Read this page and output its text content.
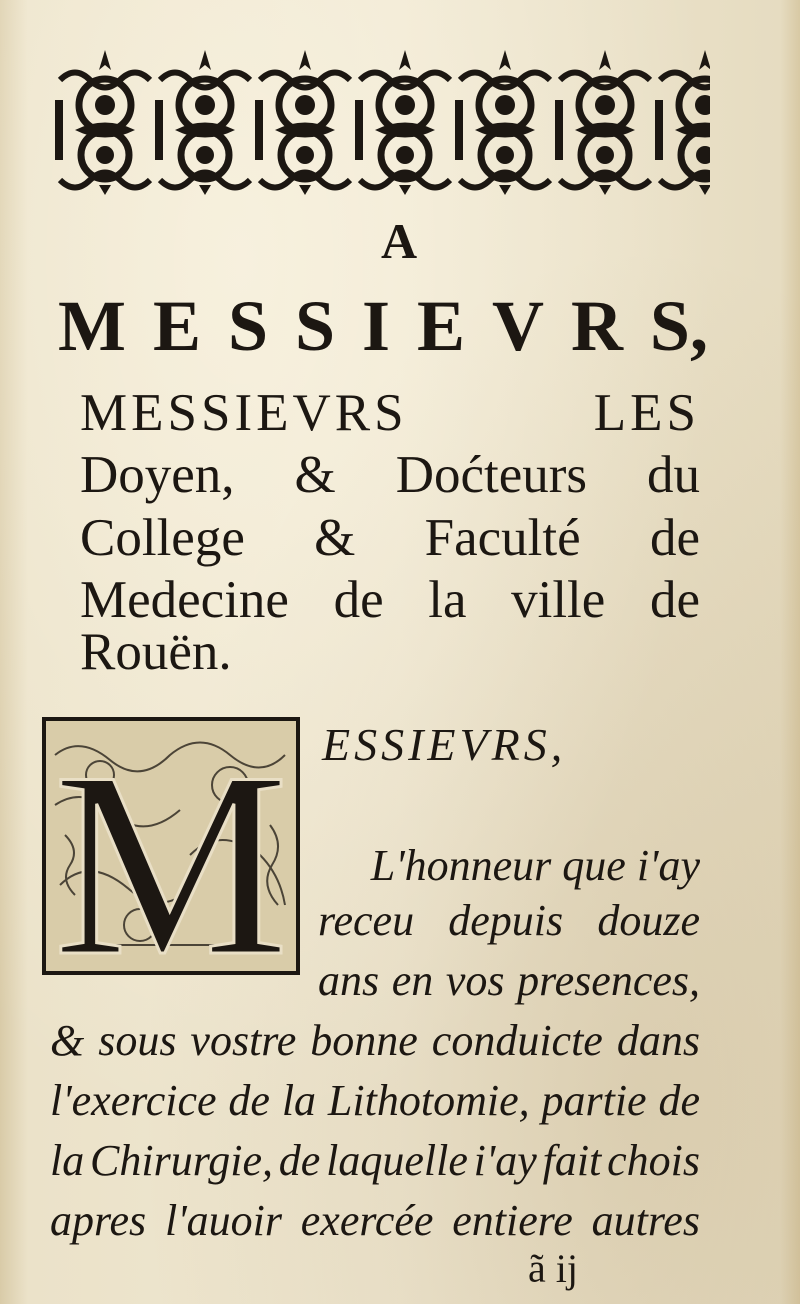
A
M E S S I E V R S,
MESSIEVRS	LES
Doyen, & Doćteurs du
College & Faculté de
Medecine de la ville de
Rouën.
M ESSIEVRS,
L'honneur que i'ay
receu depuis douze
ans en vos presences,
& sous vostre bonne conduicte dans
l'exercice de la Lithotomie, partie de
la Chirurgie, de laquelle i'ay fait chois
apres l'auoir exercée entiere autres
ã ij
